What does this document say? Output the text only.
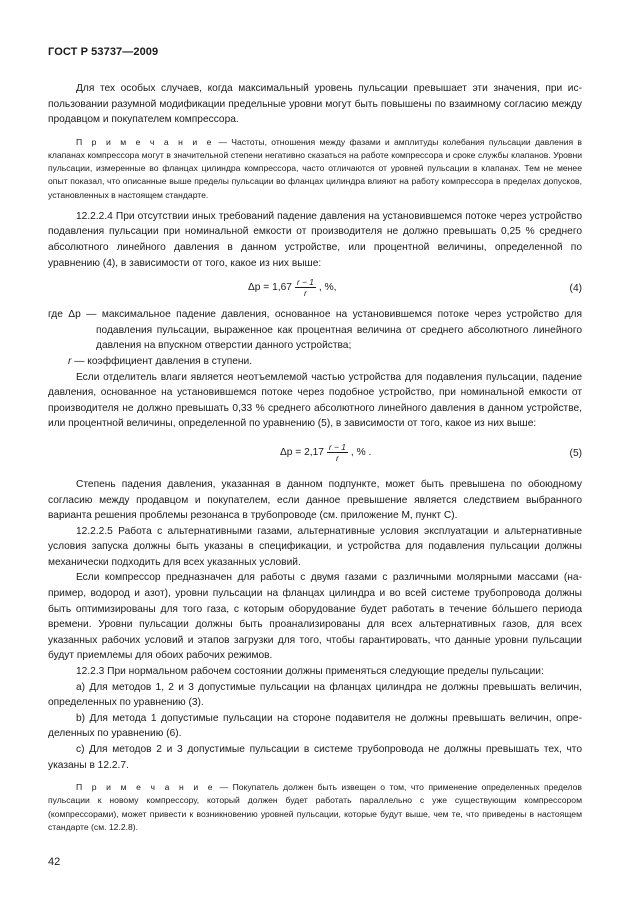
ГОСТ Р 53737—2009

Для тех особых случаев, когда максимальный уровень пульсации превышает эти значения, при использовании разумной модификации предельные уровни могут быть повышены по взаимному согласию между продавцом и покупателем компрессора.

П р и м е ч а н и е — Частоты, отношения между фазами и амплитуды колебания пульсации давления в клапанах компрессора могут в значительной степени негативно сказаться на работе компрессора и сроке службы клапанов. Уровни пульсации, измеренные во фланцах цилиндра компрессора, часто отличаются от уровней пульсации в клапанах. Тем не менее опыт показал, что описанные выше пределы пульсации во фланцах цилиндра влияют на работу компрессора в пределах допусков, установленных в настоящем стандарте.

12.2.2.4 При отсутствии иных требований падение давления на установившемся потоке через устройство подавления пульсации при номинальной емкости от производителя не должно превышать 0,25 % среднего абсолютного линейного давления в данном устройстве, или процентной величины, определенной по уравнению (4), в зависимости от того, какое из них выше:

$\Delta p = 1,67 \frac{r - 1}{r}$ , %,	(4)
где Δp — максимальное падение давления, основанное на установившемся потоке через устройство для подавления пульсации, выраженное как процентная величина от среднего абсолютного линейного давления на впускном отверстии данного устройства;
r — коэффициент давления в ступени.

Если отделитель влаги является неотъемлемой частью устройства для подавления пульсации, падение давления, основанное на установившемся потоке через подобное устройство, при номинальной емкости от производителя не должно превышать 0,33 % среднего абсолютного линейного давления в данном устройстве, или процентной величины, определенной по уравнению (5), в зависимости от того, какое из них выше:

$\Delta p = 2,17 \frac{r - 1}{r}$ , % .	(5)

Степень падения давления, указанная в данном подпункте, может быть превышена по обоюдному согласию между продавцом и покупателем, если данное превышение является следствием выбранного варианта решения проблемы резонанса в трубопроводе (см. приложение М, пункт С).

12.2.2.5 Работа с альтернативными газами, альтернативные условия эксплуатации и альтернативные условия запуска должны быть указаны в спецификации, и устройства для подавления пульсации должны механически подходить для всех указанных условий.

Если компрессор предназначен для работы с двумя газами с различными молярными массами (например, водород и азот), уровни пульсации на фланцах цилиндра и во всей системе трубопровода должны быть оптимизированы для того газа, с которым оборудование будет работать в течение бо́льшего периода времени. Уровни пульсации должны быть проанализированы для всех альтернативных газов, для всех указанных рабочих условий и этапов загрузки для того, чтобы гарантировать, что данные уровни пульсации будут приемлемы для обоих рабочих режимов.

12.2.3 При нормальном рабочем состоянии должны применяться следующие пределы пульсации:

а) Для методов 1, 2 и 3 допустимые пульсации на фланцах цилиндра не должны превышать величин, определенных по уравнению (3).

b) Для метода 1 допустимые пульсации на стороне подавителя не должны превышать величин, определенных по уравнению (6).

с) Для методов 2 и 3 допустимые пульсации в системе трубопровода не должны превышать тех, что указаны в 12.2.7.

П р и м е ч а н и е — Покупатель должен быть извещен о том, что применение определенных пределов пульсации к новому компрессору, который должен будет работать параллельно с уже существующим компрессором (компрессорами), может привести к возникновению уровней пульсации, которые будут выше, чем те, что приведены в настоящем стандарте (см. 12.2.8).

42
